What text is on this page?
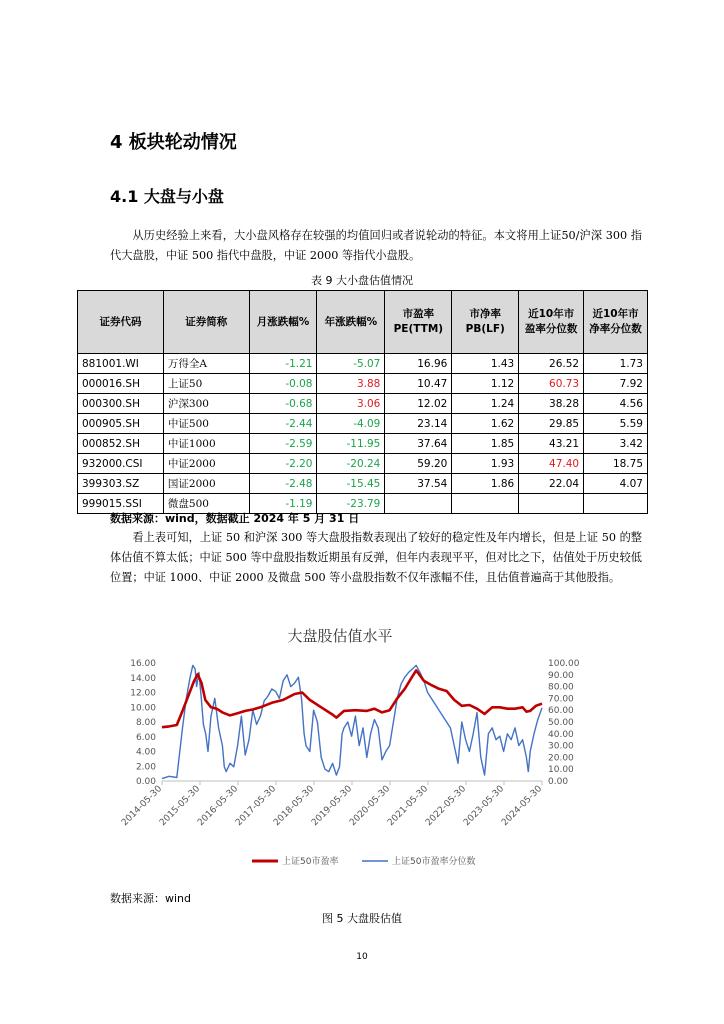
4 板块轮动情况
4.1 大盘与小盘
从历史经验上来看，大小盘风格存在较强的均值回归或者说轮动的特征。本文将用上证50/沪深 300 指代大盘股，中证 500 指代中盘股，中证 2000 等指代小盘股。
表 9 大小盘估值情况
证券代码	证券简称	月涨跌幅%	年涨跌幅%	市盈率PE(TTM)	市净率PB(LF)	近10年市盈率分位数	近10年市净率分位数
881001.WI	万得全A	-1.21	-5.07	16.96	1.43	26.52	1.73
000016.SH	上证50	-0.08	3.88	10.47	1.12	60.73	7.92
000300.SH	沪深300	-0.68	3.06	12.02	1.24	38.28	4.56
000905.SH	中证500	-2.44	-4.09	23.14	1.62	29.85	5.59
000852.SH	中证1000	-2.59	-11.95	37.64	1.85	43.21	3.42
932000.CSI	中证2000	-2.20	-20.24	59.20	1.93	47.40	18.75
399303.SZ	国证2000	-2.48	-15.45	37.54	1.86	22.04	4.07
999015.SSI	微盘500	-1.19	-23.79				
数据来源：wind，数据截止 2024 年 5 月 31 日
看上表可知，上证 50 和沪深 300 等大盘股指数表现出了较好的稳定性及年内增长，但是上证 50 的整体估值不算太低；中证 500 等中盘股指数近期虽有反弹，但年内表现平平，但对比之下，估值处于历史较低位置；中证 1000、中证 2000 及微盘 500 等小盘股指数不仅年涨幅不佳，且估值普遍高于其他股指。
大盘股估值水平
0.00
2.00
4.00
6.00
8.00
10.00
12.00
14.00
16.00
0.00
10.00
20.00
30.00
40.00
50.00
60.00
70.00
80.00
90.00
100.00
2014-05-30
2015-05-30
2016-05-30
2017-05-30
2018-05-30
2019-05-30
2020-05-30
2021-05-30
2022-05-30
2023-05-30
2024-05-30
上证50市盈率	上证50市盈率分位数
数据来源：wind
图 5 大盘股估值
10
